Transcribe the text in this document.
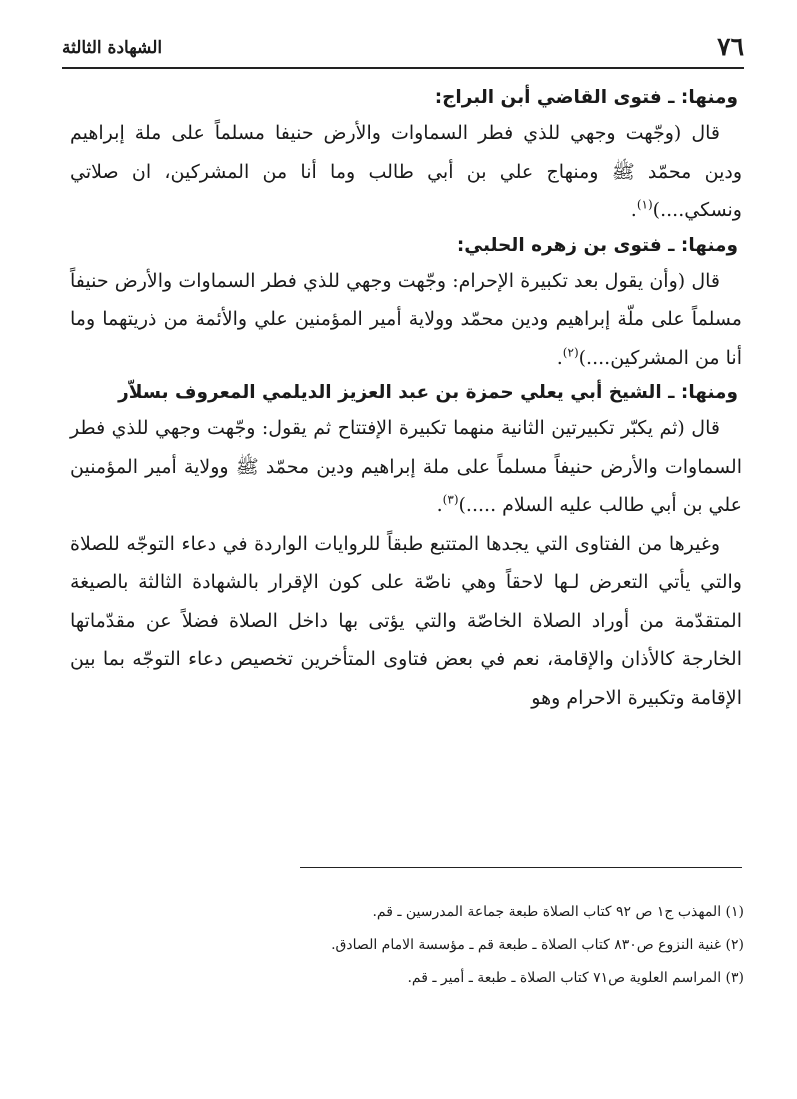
٧٦
الشهادة الثالثة

ومنها: ـ فتوى القاضي أبن البراج:

قال (وجّهت وجهي للذي فطر السماوات والأرض حنيفا مسلماً على ملة إبراهيم ودين محمّد ﷺ ومنهاج علي بن أبي طالب وما أنا من المشركين، ان صلاتي ونسكي....)$^{(١)}$.

ومنها: ـ فتوى بن زهره الحلبي:

قال (وأن يقول بعد تكبيرة الإحرام: وجّهت وجهي للذي فطر السماوات والأرض حنيفاً مسلماً على ملّة إبراهيم ودين محمّد وولاية أمير المؤمنين علي والأئمة من ذريتهما وما أنا من المشركين....)$^{(٢)}$.

ومنها: ـ الشيخ أبي يعلي حمزة بن عبد العزيز الديلمي المعروف بسلاّر

قال (ثم يكبّر تكبيرتين الثانية منهما تكبيرة الإفتتاح ثم يقول: وجّهت وجهي للذي فطر السماوات والأرض حنيفاً مسلماً على ملة إبراهيم ودين محمّد ﷺ وولاية أمير المؤمنين علي بن أبي طالب عليه السلام .....)$^{(٣)}$.

وغيرها من الفتاوى التي يجدها المتتبع طبقاً للروايات الواردة في دعاء التوجّه للصلاة والتي يأتي التعرض لـها لاحقاً وهي ناصّة على كون الإقرار بالشهادة الثالثة بالصيغة المتقدّمة من أوراد الصلاة الخاصّة والتي يؤتى بها داخل الصلاة فضلاً عن مقدّماتها الخارجة كالأذان والإقامة، نعم في بعض فتاوى المتأخرين تخصيص دعاء التوجّه بما بين الإقامة وتكبيرة الاحرام وهو

(١) المهذب ج١ ص ٩٢ كتاب الصلاة طبعة جماعة المدرسين ـ قم.

(٢) غنية النزوع ص٨٣٠ كتاب الصلاة ـ طبعة قم ـ مؤسسة الامام الصادق.

(٣) المراسم العلوية ص٧١ كتاب الصلاة ـ طبعة ـ أمير ـ قم.
